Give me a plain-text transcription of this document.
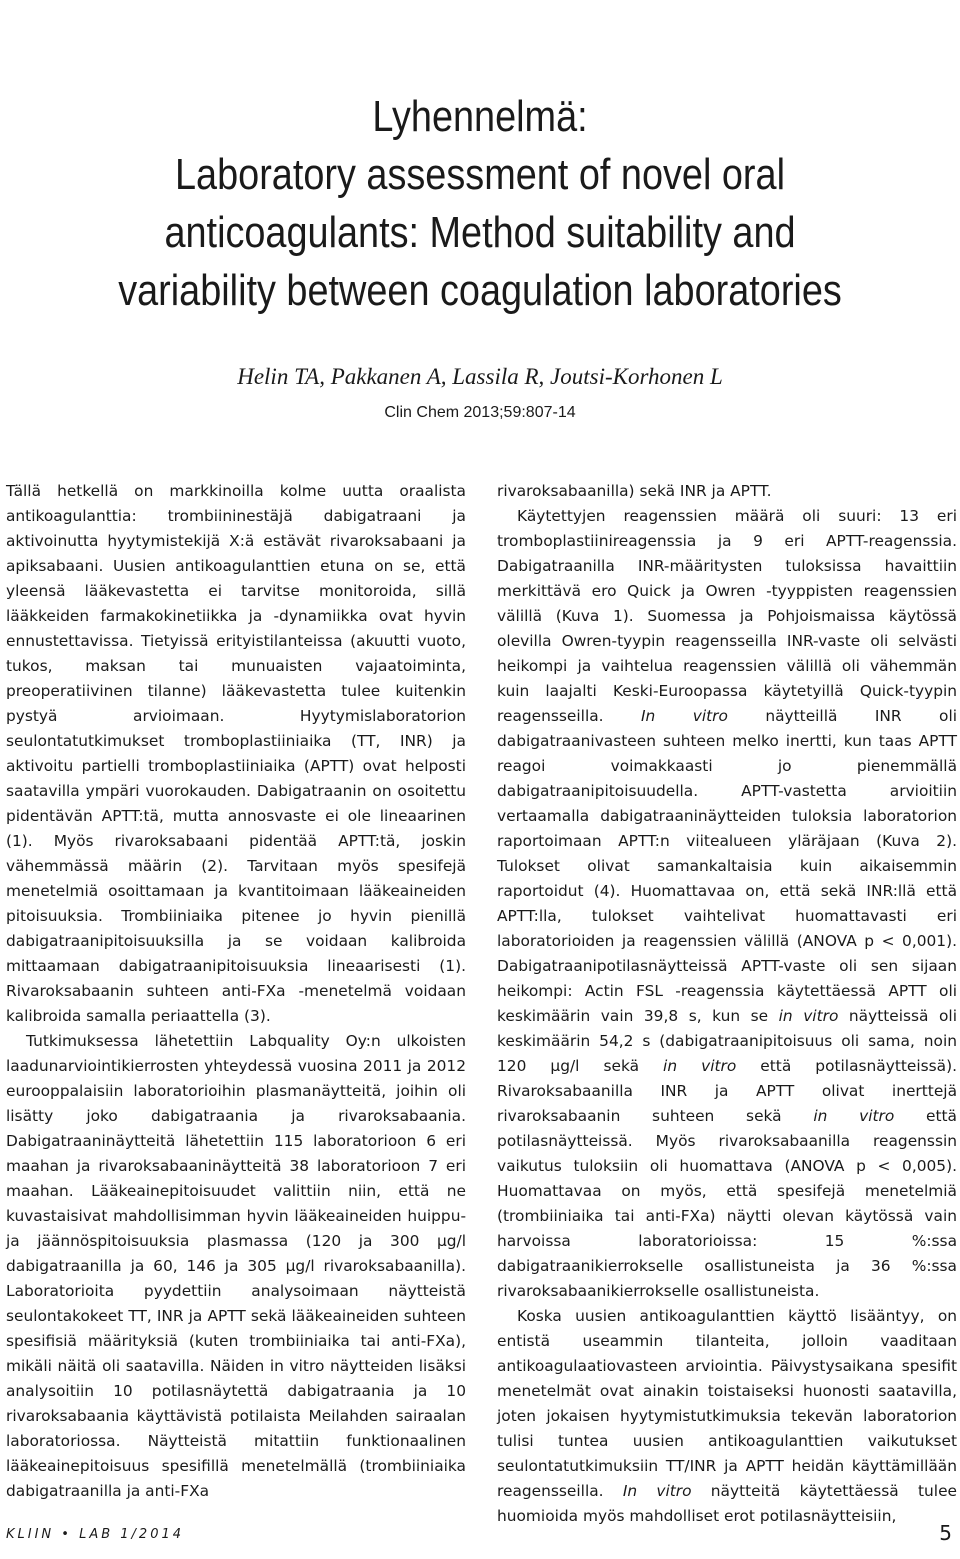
Lyhennelmä:
Laboratory assessment of novel oral
anticoagulants: Method suitability and
variability between coagulation laboratories
Helin TA, Pakkanen A, Lassila R, Joutsi-Korhonen L
Clin Chem 2013;59:807-14

Tällä hetkellä on markkinoilla kolme uutta oraalista antikoagulanttia: trombiininestäjä dabigatraani ja aktivoinutta hyytymistekijä X:ä estävät rivaroksabaani ja apiksabaani. Uusien antikoagulanttien etuna on se, että yleensä lääkevastetta ei tarvitse monitoroida, sillä lääkkeiden farmakokinetiikka ja -dynamiikka ovat hyvin ennustettavissa. Tietyissä erityistilanteissa (akuutti vuoto, tukos, maksan tai munuaisten vajaatoiminta, preoperatiivinen tilanne) lääkevastetta tulee kuitenkin pystyä arvioimaan. Hyytymislaboratorion seulontatutkimukset tromboplastiiniaika (TT, INR) ja aktivoitu partielli tromboplastiiniaika (APTT) ovat helposti saatavilla ympäri vuorokauden. Dabigatraanin on osoitettu pidentävän APTT:tä, mutta annosvaste ei ole lineaarinen (1). Myös rivaroksabaani pidentää APTT:tä, joskin vähemmässä määrin (2). Tarvitaan myös spesifejä menetelmiä osoittamaan ja kvantitoimaan lääkeaineiden pitoisuuksia. Trombiiniaika pitenee jo hyvin pienillä dabigatraanipitoisuuksilla ja se voidaan kalibroida mittaamaan dabigatraanipitoisuuksia lineaarisesti (1). Rivaroksabaanin suhteen anti-FXa -menetelmä voidaan kalibroida samalla periaattella (3).

Tutkimuksessa lähetettiin Labquality Oy:n ulkoisten laadunarviointikierrosten yhteydessä vuosina 2011 ja 2012 eurooppalaisiin laboratorioihin plasmanäytteitä, joihin oli lisätty joko dabigatraania ja rivaroksabaania. Dabigatraaninäytteitä lähetettiin 115 laboratorioon 6 eri maahan ja rivaroksabaaninäytteitä 38 laboratorioon 7 eri maahan. Lääkeainepitoisuudet valittiin niin, että ne kuvastaisivat mahdollisimman hyvin lääkeaineiden huippu- ja jäännöspitoisuuksia plasmassa (120 ja 300 µg/l dabigatraanilla ja 60, 146 ja 305 µg/l rivaroksabaanilla). Laboratorioita pyydettiin analysoimaan näytteistä seulontakokeet TT, INR ja APTT sekä lääkeaineiden suhteen spesifisiä määrityksiä (kuten trombiiniaika tai anti-FXa), mikäli näitä oli saatavilla. Näiden in vitro näytteiden lisäksi analysoitiin 10 potilasnäytettä dabigatraania ja 10 rivaroksabaania käyttävistä potilaista Meilahden sairaalan laboratoriossa. Näytteistä mitattiin funktionaalinen lääkeainepitoisuus spesifillä menetelmällä (trombiiniaika dabigatraanilla ja anti-FXa

rivaroksabaanilla) sekä INR ja APTT.

Käytettyjen reagenssien määrä oli suuri: 13 eri tromboplastiinireagenssia ja 9 eri APTT-reagenssia. Dabigatraanilla INR-määritysten tuloksissa havaittiin merkittävä ero Quick ja Owren -tyyppisten reagenssien välillä (Kuva 1). Suomessa ja Pohjoismaissa käytössä olevilla Owren-tyypin reagensseilla INR-vaste oli selvästi heikompi ja vaihtelua reagenssien välillä oli vähemmän kuin laajalti Keski-Euroopassa käytetyillä Quick-tyypin reagensseilla. In vitro näytteillä INR oli dabigatraanivasteen suhteen melko inertti, kun taas APTT reagoi voimakkaasti jo pienemmällä dabigatraanipitoisuudella. APTT-vastetta arvioitiin vertaamalla dabigatraaninäytteiden tuloksia laboratorion raportoimaan APTT:n viitealueen yläräjaan (Kuva 2). Tulokset olivat samankaltaisia kuin aikaisemmin raportoidut (4). Huomattavaa on, että sekä INR:llä että APTT:lla, tulokset vaihtelivat huomattavasti eri laboratorioiden ja reagenssien välillä (ANOVA p < 0,001). Dabigatraanipotilasnäytteissä APTT-vaste oli sen sijaan heikompi: Actin FSL -reagenssia käytettäessä APTT oli keskimäärin vain 39,8 s, kun se in vitro näytteissä oli keskimäärin 54,2 s (dabigatraanipitoisuus oli sama, noin 120 µg/l sekä in vitro että potilasnäytteissä). Rivaroksabaanilla INR ja APTT olivat inerttejä rivaroksabaanin suhteen sekä in vitro että potilasnäytteissä. Myös rivaroksabaanilla reagenssin vaikutus tuloksiin oli huomattava (ANOVA p < 0,005). Huomattavaa on myös, että spesifejä menetelmiä (trombiiniaika tai anti-FXa) näytti olevan käytössä vain harvoissa laboratorioissa: 15 %:ssa dabigatraanikierrokselle osallistuneista ja 36 %:ssa rivaroksabaanikierrokselle osallistuneista.

Koska uusien antikoagulanttien käyttö lisääntyy, on entistä useammin tilanteita, jolloin vaaditaan antikoagulaatiovasteen arviointia. Päivystysaikana spesifit menetelmät ovat ainakin toistaiseksi huonosti saatavilla, joten jokaisen hyytymistutkimuksia tekevän laboratorion tulisi tuntea uusien antikoagulanttien vaikutukset seulontatutkimuksiin TT/INR ja APTT heidän käyttämillään reagensseilla. In vitro näytteitä käytettäessä tulee huomioida myös mahdolliset erot potilasnäytteisiin,

KLIIN • LAB 1/2014	5
